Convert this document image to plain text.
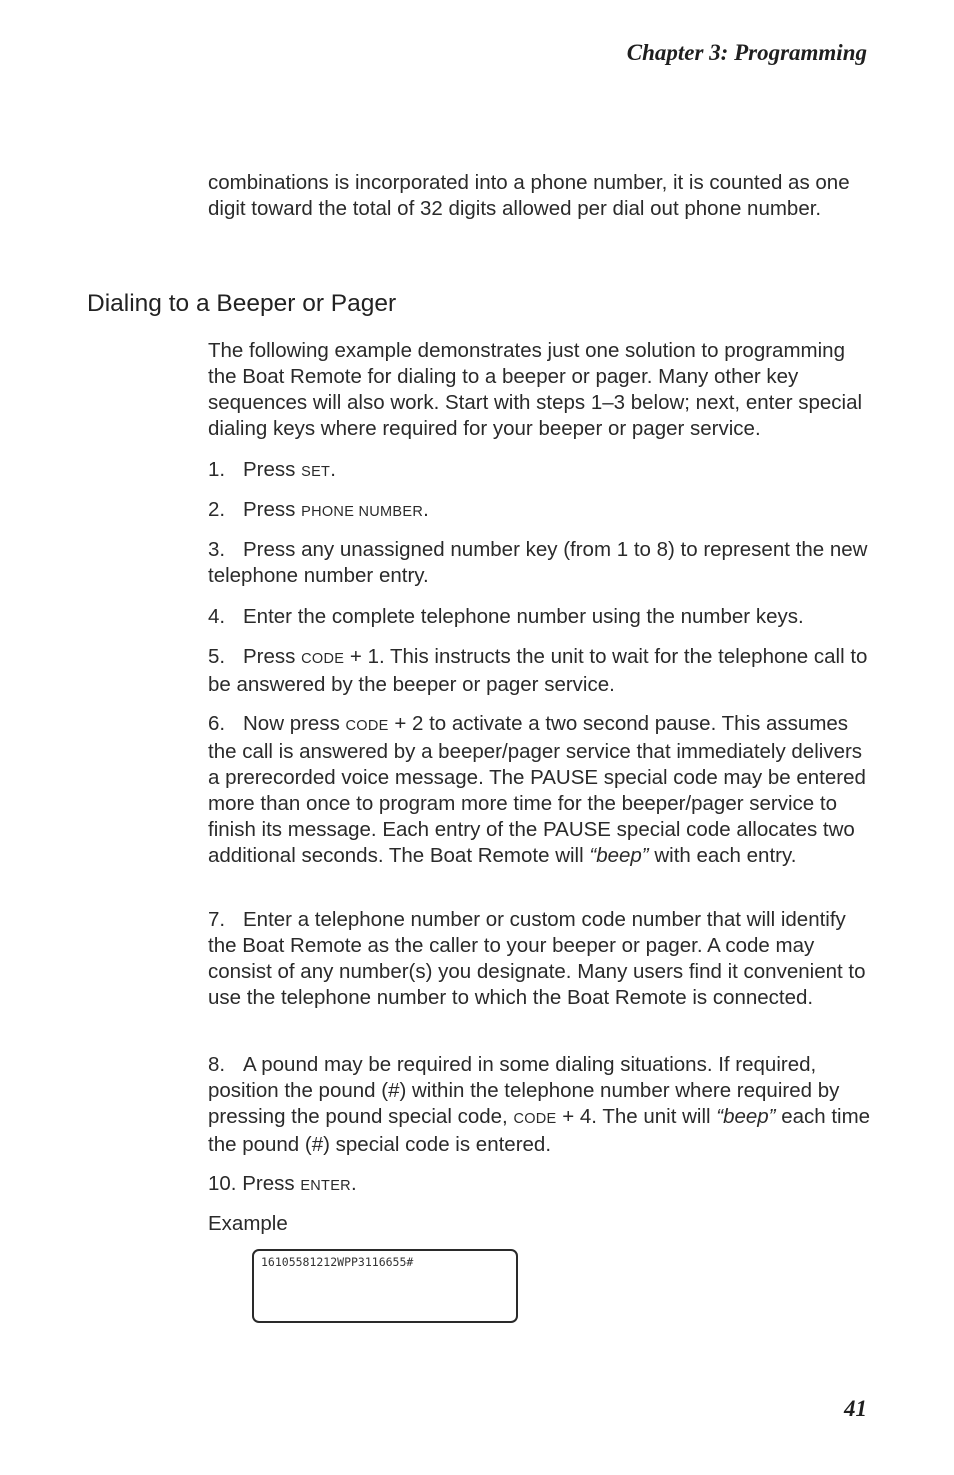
Chapter 3: Programming

combinations is incorporated into a phone number, it is counted as one digit toward the total of 32 digits allowed per dial out phone number.

Dialing to a Beeper or Pager

The following example demonstrates just one solution to programming the Boat Remote for dialing to a beeper or pager. Many other key sequences will also work. Start with steps 1–3 below; next, enter special dialing keys where required for your beeper or pager service.

1. Press SET.

2. Press PHONE NUMBER.

3. Press any unassigned number key (from 1 to 8) to represent the new telephone number entry.

4. Enter the complete telephone number using the number keys.

5. Press CODE + 1. This instructs the unit to wait for the telephone call to be answered by the beeper or pager service.

6. Now press CODE + 2 to activate a two second pause. This assumes the call is answered by a beeper/pager service that immediately delivers a prerecorded voice message. The PAUSE special code may be entered more than once to program more time for the beeper/pager service to finish its message. Each entry of the PAUSE special code allocates two additional seconds. The Boat Remote will “beep” with each entry.

7. Enter a telephone number or custom code number that will identify the Boat Remote as the caller to your beeper or pager. A code may consist of any number(s) you designate. Many users find it convenient to use the telephone number to which the Boat Remote is connected.

8. A pound may be required in some dialing situations. If required, position the pound (#) within the telephone number where required by pressing the pound special code, CODE + 4. The unit will “beep” each time the pound (#) special code is entered.

10. Press ENTER.

Example

16105581212WPP3116655#
41
